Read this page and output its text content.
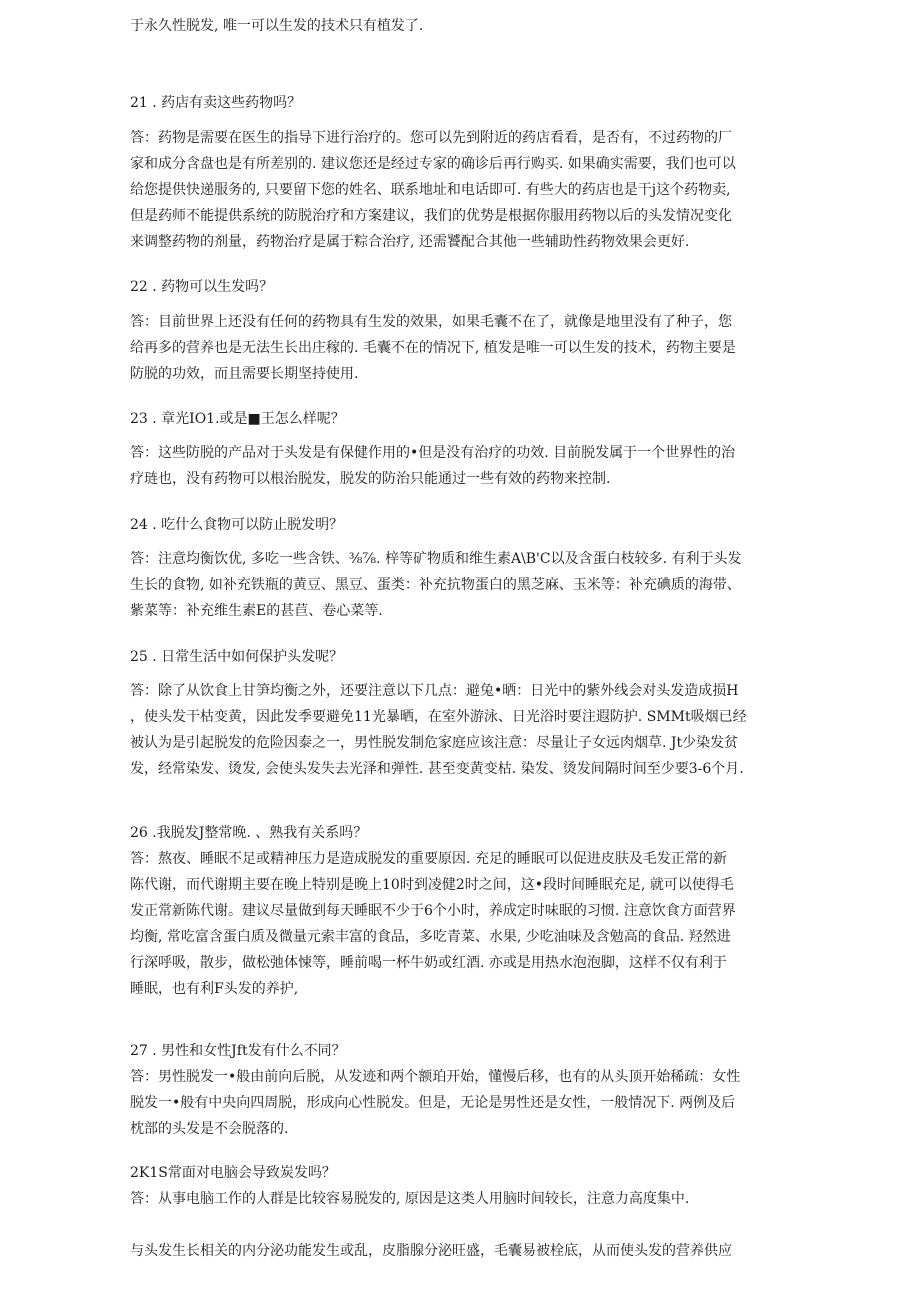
于永久性脱发, 唯一可以生发的技术只有植发了.
21 . 药店有卖这些药物吗？
答：药物是需要在医生的指导下进行治疗的。您可以先到附近的药店看看，是否有，不过药物的厂
家和成分含盘也是有所差别的. 建议您还是经过专家的确诊后再行购买. 如果确实需要，我们也可以
给您提供快递服务的, 只要留下您的姓名、联系地址和电话即可. 有些大的药店也是干j这个药物卖,
但是药师不能提供系统的防脱治疗和方案建议，我们的优势是根据你服用药物以后的头发情况变化
来调整药物的剂量，药物治疗是属于粽合治疗, 还需饕配合其他一些辅助性药物效果会更好.
22 . 药物可以生发吗？
答：目前世界上还没有任何的药物具有生发的效果，如果毛囊不在了，就像是地里没有了种子，您
给再多的营养也是无法生长出庄稼的. 毛囊不在的情况下, 植发是唯一可以生发的技术，药物主要是
防脱的功效，而且需要长期坚持使用.
23 . 章光IO1.或是■王怎么样呢？
答：这些防脱的产品对于头发是有保健作用的•但是没有治疗的功效. 目前脱发属于一个世界性的治
疗琏也，没有药物可以根治脱发，脱发的防治只能通过一些有效的药物来控制.
24 . 吃什么食物可以防止脱发明？
答：注意均衡饮优, 多吃一些含铁、⅜⅞. 梓等矿物质和维生素A\B'C以及含蛋白枝较多. 有利于头发
生长的食物, 如补充铁瓶的黄豆、黑豆、蛋类：补充抗物蛋白的黑芝麻、玉米等：补充碘质的海带、
紫菜等：补充维生素E的甚苣、卷心菜等.
25 . 日常生活中如何保护头发呢？
答：除了从饮食上甘笋均衡之外，还要注意以下几点：避兔•晒：日光中的紫外线会对头发造成损H
，使头发干枯变黄，因此发季要避免11光暴晒，在室外游泳、日光浴时要注遐防护. SMMt吸烟已经
被认为是引起脱发的危险因泰之一，男性脱发制危家庭应该注意：尽量让子女远肉烟草. Jt少染发贫
发，经常染发、烫发, 会使头发失去光泽和弹性. 甚至变黄变枯. 染发、烫发间隔时间至少要3-6个月.
26 .我脱发J整常晚. 、熟我有关系吗？
答：熬夜、睡眠不足或精神压力是造成脱发的重要原因. 充足的睡眠可以促进皮肤及毛发正常的新
陈代谢，而代谢期主要在晚上特别是晚上10时到凌健2时之间，这•段时间睡眠充足, 就可以使得毛
发正常新陈代谢。建议尽量做到每天睡眠不少于6个小时，养成定时味眠的习惯. 注意饮食方面营界
均衡, 常吃富含蛋白质及微量元索丰富的食品，多吃青菜、水果, 少吃油味及含勉高的食品. 羟然进
行深呼吸，散步，做松弛体悚等，睡前喝一杯牛奶或红酒. 亦或是用热水泡泡脚，这样不仅有利于
睡眠，也有利F头发的养护,
27 . 男性和女性Jft发有什么不同？
答：男性脱发一•般由前向后脱，从发迹和两个额珀开始，懂慢后移，也有的从头顶开始稀疏：女性
脱发一•般有中央向四周脱，形成向心性脱发。但是，无论是男性还是女性，一般情况下. 两例及后
枕部的头发是不会脱落的.
2K1S常面对电脑会导致炭发吗？
答：从事电脑工作的人群是比较容易脱发的, 原因是这类人用脑时间较长，注意力高度集中.
与头发生长相关的内分泌功能发生或乱，皮脂腺分泌旺盛，毛囊易被栓底，从而使头发的营养供应
